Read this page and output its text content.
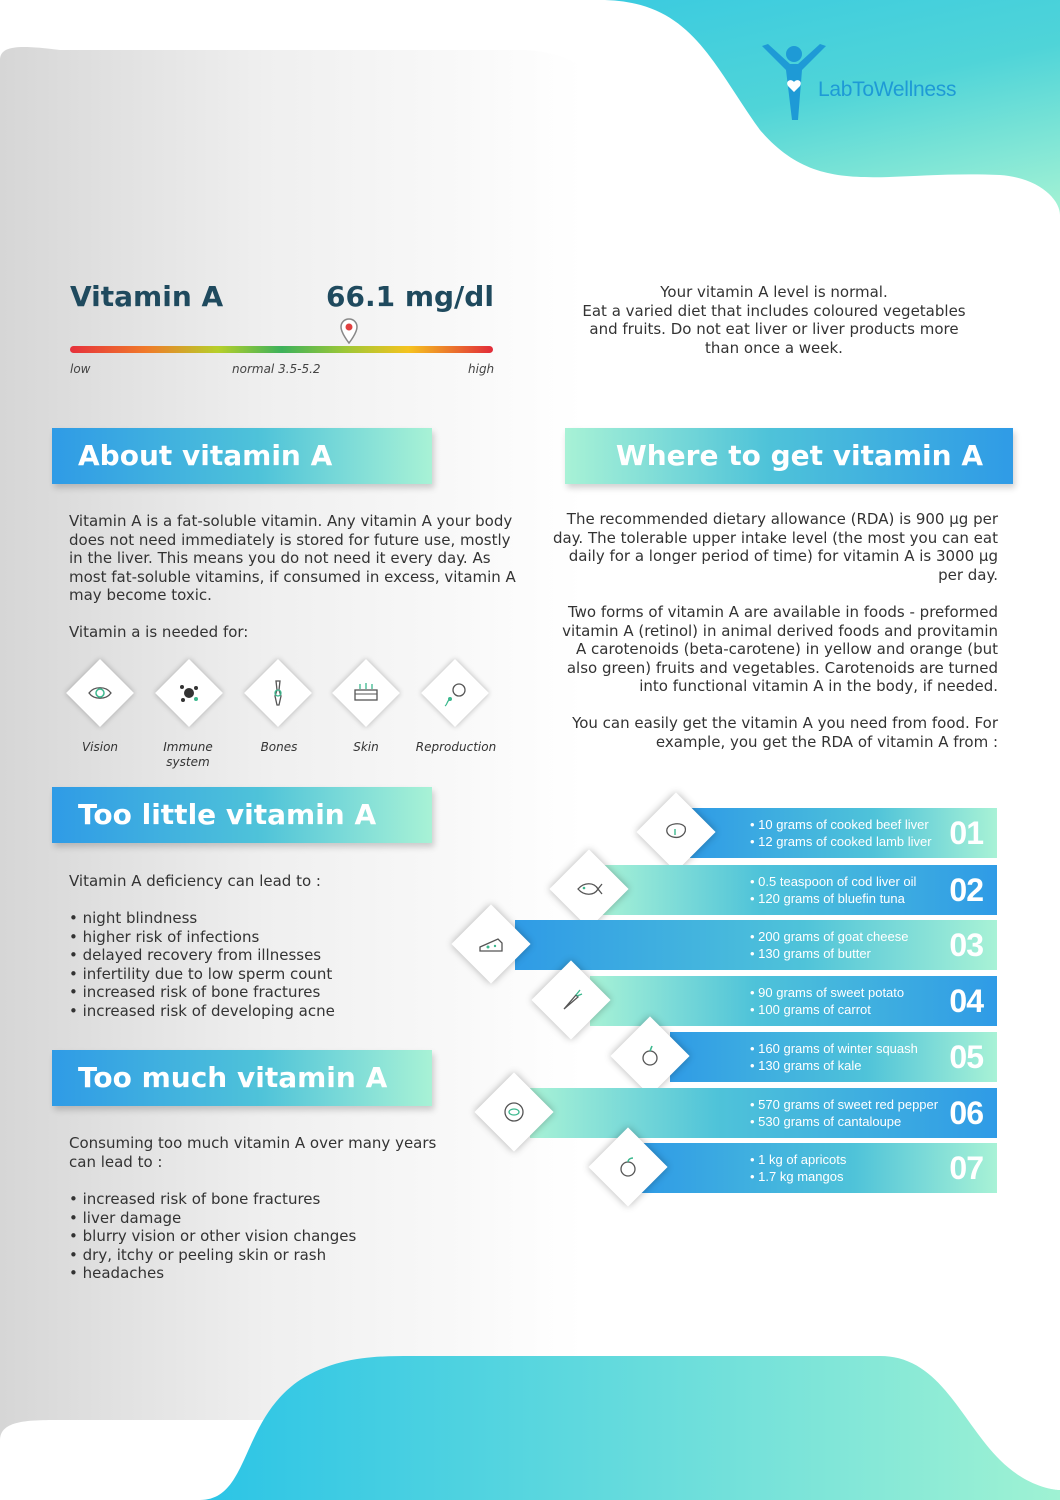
LabToWellness
Vitamin A	66.1 mg/dl
low	normal 3.5-5.2	high
Your vitamin A level is normal.
Eat a varied diet that includes coloured vegetables
and fruits. Do not eat liver or liver products more
than once a week.
About vitamin A
Vitamin A is a fat-soluble vitamin. Any vitamin A your body does not need immediately is stored for future use, mostly in the liver. This means you do not need it every day. As most fat-soluble vitamins, if consumed in excess, vitamin A may become toxic.
Vitamin a is needed for:
Vision	Immune system
Bones	Skin	Reproduction
Where to get vitamin A
The recommended dietary allowance (RDA) is 900 µg per day. The tolerable upper intake level (the most you can eat daily for a longer period of time) for vitamin A is 3000 µg per day.
Two forms of vitamin A are available in foods - preformed vitamin A (retinol) in animal derived foods and provitamin A carotenoids (beta-carotene) in yellow and orange (but also green) fruits and vegetables. Carotenoids are turned into functional vitamin A in the body, if needed.
You can easily get the vitamin A you need from food. For example, you get the RDA of vitamin A from :
• 10 grams of cooked beef liver
• 12 grams of cooked lamb liver 01
• 0.5 teaspoon of cod liver oil
• 120 grams of bluefin tuna	02
• 200 grams of goat cheese
• 130 grams of butter	03
• 90 grams of sweet potato
• 100 grams of carrot	04
• 160 grams of winter squash
• 130 grams of kale	05
• 570 grams of sweet red pepper
• 530 grams of cantaloupe	06
• 1 kg of apricots
• 1.7 kg mangos	07
Too little vitamin A
Vitamin A deficiency can lead to :
• night blindness
• higher risk of infections
• delayed recovery from illnesses
• infertility due to low sperm count
• increased risk of bone fractures
• increased risk of developing acne
Too much vitamin A
Consuming too much vitamin A over many years can lead to :
• increased risk of bone fractures
• liver damage
• blurry vision or other vision changes
• dry, itchy or peeling skin or rash
• headaches
